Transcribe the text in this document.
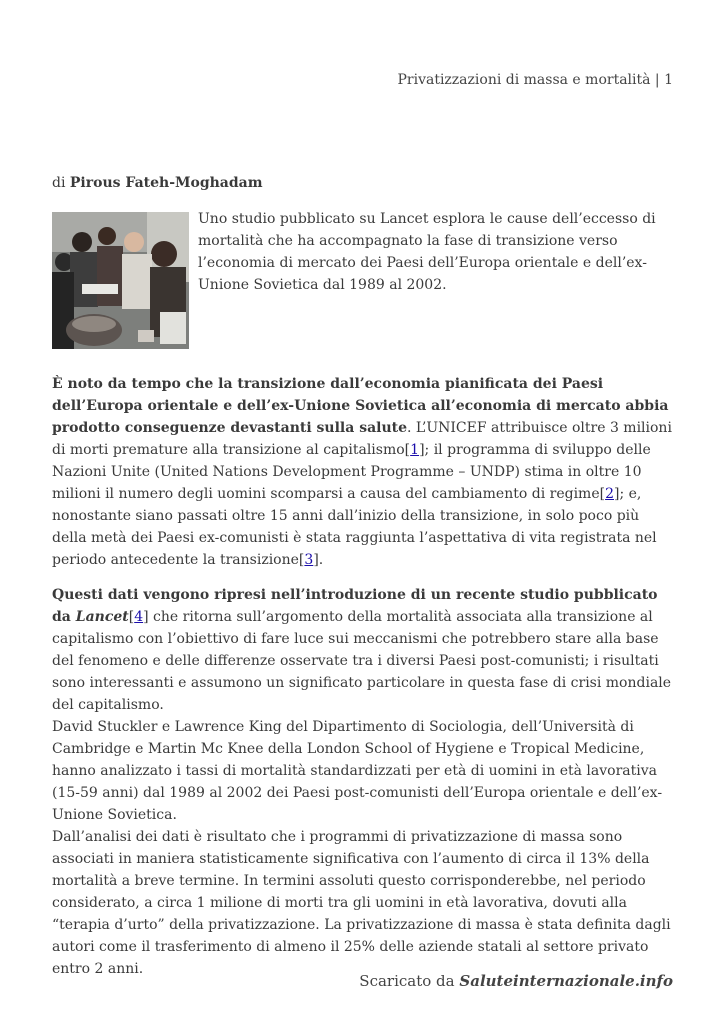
Privatizzazioni di massa e mortalità | 1
di Pirous Fateh-Moghadam

Uno studio pubblicato su Lancet esplora le cause dell’eccesso di mortalità che ha accompagnato la fase di transizione verso l’economia di mercato dei Paesi dell’Europa orientale e dell’ex-Unione Sovietica dal 1989 al 2002.

È noto da tempo che la transizione dall’economia pianificata dei Paesi dell’Europa orientale e dell’ex-Unione Sovietica all’economia di mercato abbia prodotto conseguenze devastanti sulla salute. L’UNICEF attribuisce oltre 3 milioni di morti premature alla transizione al capitalismo[1]; il programma di sviluppo delle Nazioni Unite (United Nations Development Programme – UNDP) stima in oltre 10 milioni il numero degli uomini scomparsi a causa del cambiamento di regime[2]; e, nonostante siano passati oltre 15 anni dall’inizio della transizione, in solo poco più della metà dei Paesi ex-comunisti è stata raggiunta l’aspettativa di vita registrata nel periodo antecedente la transizione[3].

Questi dati vengono ripresi nell’introduzione di un recente studio pubblicato da Lancet[4] che ritorna sull’argomento della mortalità associata alla transizione al capitalismo con l’obiettivo di fare luce sui meccanismi che potrebbero stare alla base del fenomeno e delle differenze osservate tra i diversi Paesi post-comunisti; i risultati sono interessanti e assumono un significato particolare in questa fase di crisi mondiale del capitalismo.

David Stuckler e Lawrence King del Dipartimento di Sociologia, dell’Università di Cambridge e Martin Mc Knee della London School of Hygiene e Tropical Medicine, hanno analizzato i tassi di mortalità standardizzati per età di uomini in età lavorativa (15-59 anni) dal 1989 al 2002 dei Paesi post-comunisti dell’Europa orientale e dell’ex-Unione Sovietica.

Dall’analisi dei dati è risultato che i programmi di privatizzazione di massa sono associati in maniera statisticamente significativa con l’aumento di circa il 13% della mortalità a breve termine. In termini assoluti questo corrisponderebbe, nel periodo considerato, a circa 1 milione di morti tra gli uomini in età lavorativa, dovuti alla “terapia d’urto” della privatizzazione. La privatizzazione di massa è stata definita dagli autori come il trasferimento di almeno il 25% delle aziende statali al settore privato entro 2 anni.

Scaricato da Saluteinternazionale.info
